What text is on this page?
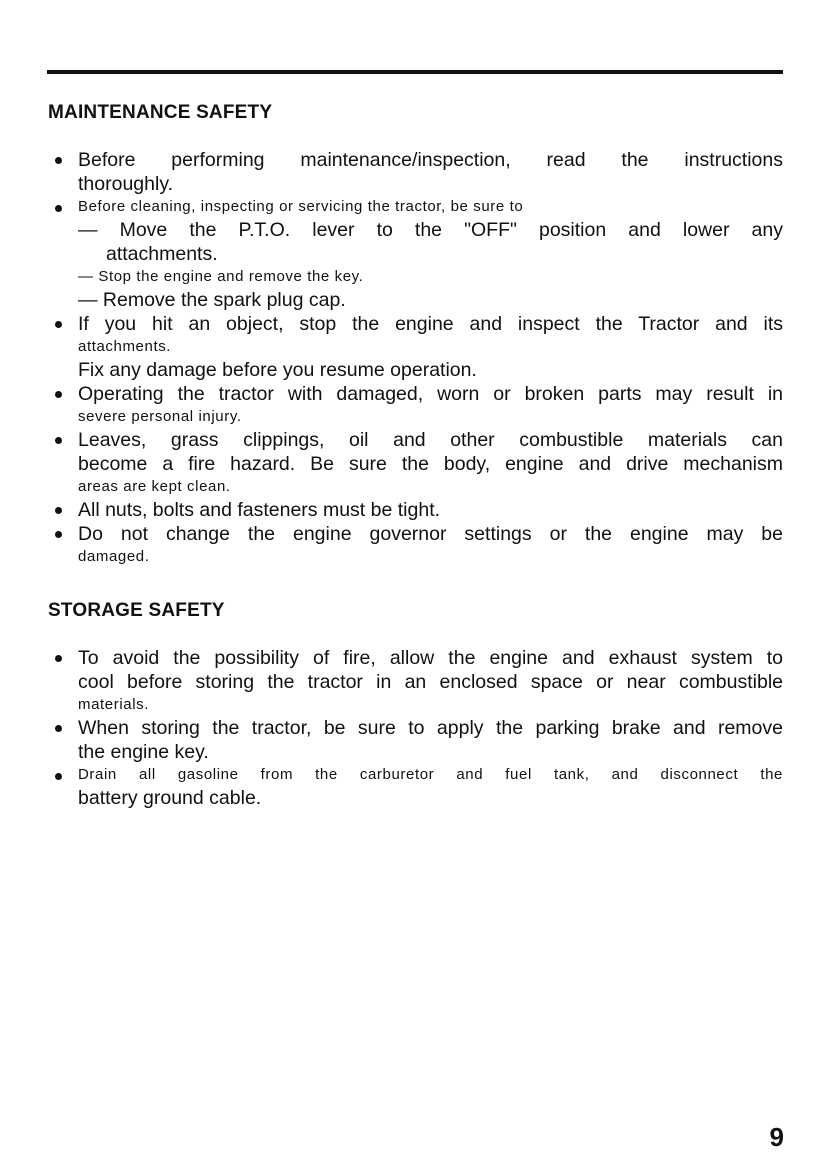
MAINTENANCE SAFETY
Before performing maintenance/inspection, read the instructions
thoroughly.
Before cleaning, inspecting or servicing the tractor, be sure to
— Move the P.T.O. lever to the "OFF" position and lower any
attachments.
— Stop the engine and remove the key.
— Remove the spark plug cap.
If you hit an object, stop the engine and inspect the Tractor and its
attachments.
Fix any damage before you resume operation.
Operating the tractor with damaged, worn or broken parts may result in
severe personal injury.
Leaves, grass clippings, oil and other combustible materials can
become a fire hazard. Be sure the body, engine and drive mechanism
areas are kept clean.
All nuts, bolts and fasteners must be tight.
Do not change the engine governor settings or the engine may be
damaged.
STORAGE SAFETY
To avoid the possibility of fire, allow the engine and exhaust system to
cool before storing the tractor in an enclosed space or near combustible
materials.
When storing the tractor, be sure to apply the parking brake and remove
the engine key.
Drain all gasoline from the carburetor and fuel tank, and disconnect the
battery ground cable.
9
